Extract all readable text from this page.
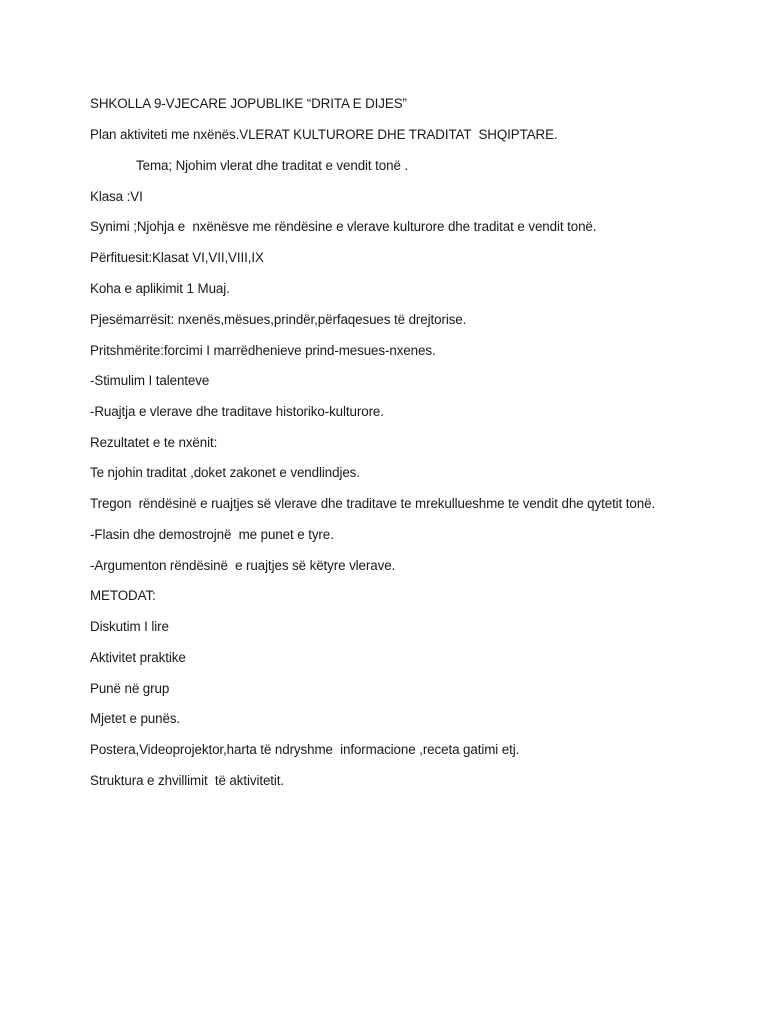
SHKOLLA 9-VJECARE JOPUBLIKE “DRITA E DIJES”
Plan aktiviteti me nxënës.VLERAT KULTURORE DHE TRADITAT  SHQIPTARE.
Tema; Njohim vlerat dhe traditat e vendit tonë .
Klasa :VI
Synimi ;Njohja e  nxënësve me rëndësine e vlerave kulturore dhe traditat e vendit tonë.
Përfituesit:Klasat VI,VII,VIII,IX
Koha e aplikimit 1 Muaj.
Pjesëmarrësit: nxenës,mësues,prindër,përfaqesues të drejtorise.
Pritshmërite:forcimi I marrëdhenieve prind-mesues-nxenes.
-Stimulim I talenteve
-Ruajtja e vlerave dhe traditave historiko-kulturore.
Rezultatet e te nxënit:
Te njohin traditat ,doket zakonet e vendlindjes.
Tregon  rëndësinë e ruajtjes së vlerave dhe traditave te mrekullueshme te vendit dhe qytetit tonë.
-Flasin dhe demostrojnë  me punet e tyre.
-Argumenton rëndësinë  e ruajtjes së këtyre vlerave.
METODAT:
Diskutim I lire
Aktivitet praktike
Punë në grup
Mjetet e punës.
Postera,Videoprojektor,harta të ndryshme  informacione ,receta gatimi etj.
Struktura e zhvillimit  të aktivitetit.
